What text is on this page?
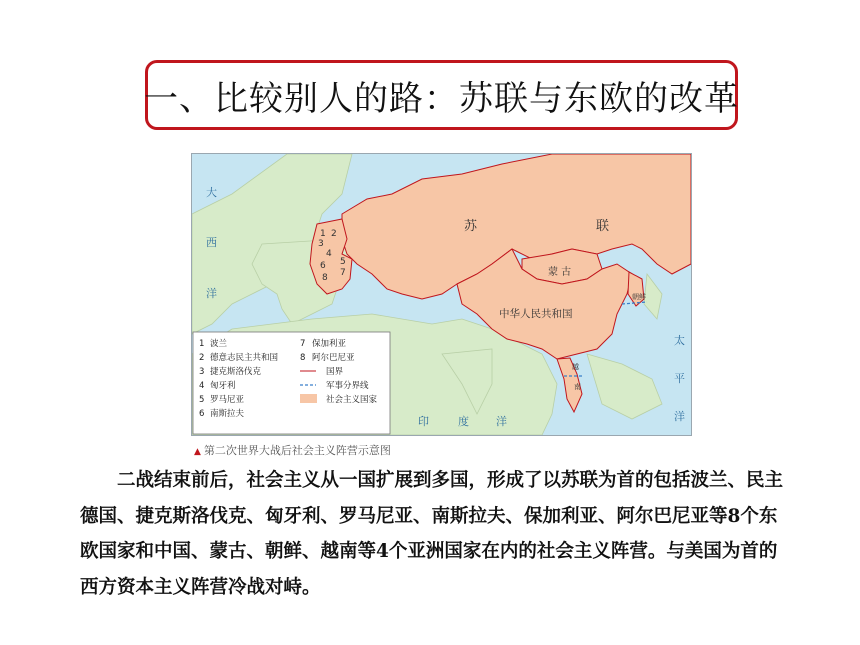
一、比较别人的路：苏联与东欧的改革
1 2
3
4
5
6
7
8
苏	联
蒙 古
中华人民共和国
朝鲜
越
南
大
西
洋
太
平
洋
印	度 洋
1 波兰
2 德意志民主共和国
3 捷克斯洛伐克
4 匈牙利
5 罗马尼亚
6 南斯拉夫
7 保加利亚
8 阿尔巴尼亚
国界
军事分界线
社会主义国家
▲ 第二次世界大战后社会主义阵营示意图
二战结束前后，社会主义从一国扩展到多国，形成了以苏联为首的包括波兰、民主德国、捷克斯洛伐克、匈牙利、罗马尼亚、南斯拉夫、保加利亚、阿尔巴尼亚等8个东欧国家和中国、蒙古、朝鲜、越南等4个亚洲国家在内的社会主义阵营。与美国为首的西方资本主义阵营冷战对峙。
